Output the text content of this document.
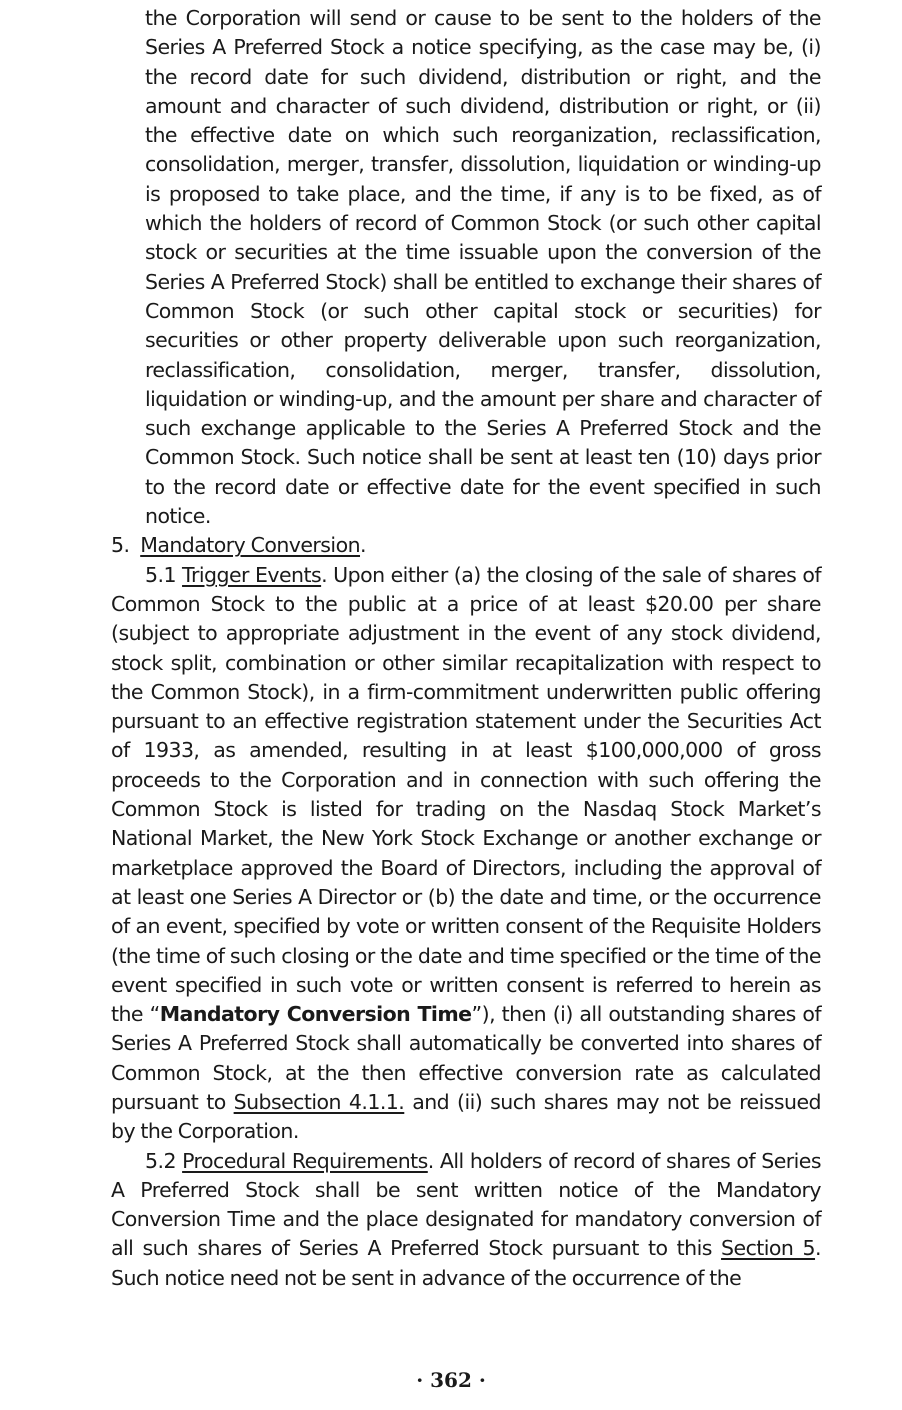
the Corporation will send or cause to be sent to the holders of the Series A Preferred Stock a notice specifying, as the case may be, (i) the record date for such dividend, distribution or right, and the amount and character of such dividend, distribution or right, or (ii) the effective date on which such reorganization, reclassification, consolidation, merger, transfer, dissolution, liquidation or winding-up is proposed to take place, and the time, if any is to be fixed, as of which the holders of record of Common Stock (or such other capital stock or securities at the time issuable upon the conversion of the Series A Preferred Stock) shall be entitled to exchange their shares of Common Stock (or such other capital stock or securities) for securities or other property deliverable upon such reorganization, reclassification, consolidation, merger, transfer, dissolution, liquidation or winding-up, and the amount per share and character of such exchange applicable to the Series A Preferred Stock and the Common Stock. Such notice shall be sent at least ten (10) days prior to the record date or effective date for the event specified in such notice.

5. Mandatory Conversion.

5.1 Trigger Events. Upon either (a) the closing of the sale of shares of Common Stock to the public at a price of at least $20.00 per share (subject to appropriate adjustment in the event of any stock dividend, stock split, combination or other similar recapitalization with respect to the Common Stock), in a firm-commitment underwritten public offering pursuant to an effective registration statement under the Securities Act of 1933, as amended, resulting in at least $100,000,000 of gross proceeds to the Corporation and in connection with such offering the Common Stock is listed for trading on the Nasdaq Stock Market’s National Market, the New York Stock Exchange or another exchange or marketplace approved the Board of Directors, including the approval of at least one Series A Director or (b) the date and time, or the occurrence of an event, specified by vote or written consent of the Requisite Holders (the time of such closing or the date and time specified or the time of the event specified in such vote or written consent is referred to herein as the “Mandatory Conversion Time”), then (i) all outstanding shares of Series A Preferred Stock shall automatically be converted into shares of Common Stock, at the then effective conversion rate as calculated pursuant to Subsection 4.1.1. and (ii) such shares may not be reissued by the Corporation.

5.2 Procedural Requirements. All holders of record of shares of Series A Preferred Stock shall be sent written notice of the Mandatory Conversion Time and the place designated for mandatory conversion of all such shares of Series A Preferred Stock pursuant to this Section 5. Such notice need not be sent in advance of the occurrence of the

· 362 ·
